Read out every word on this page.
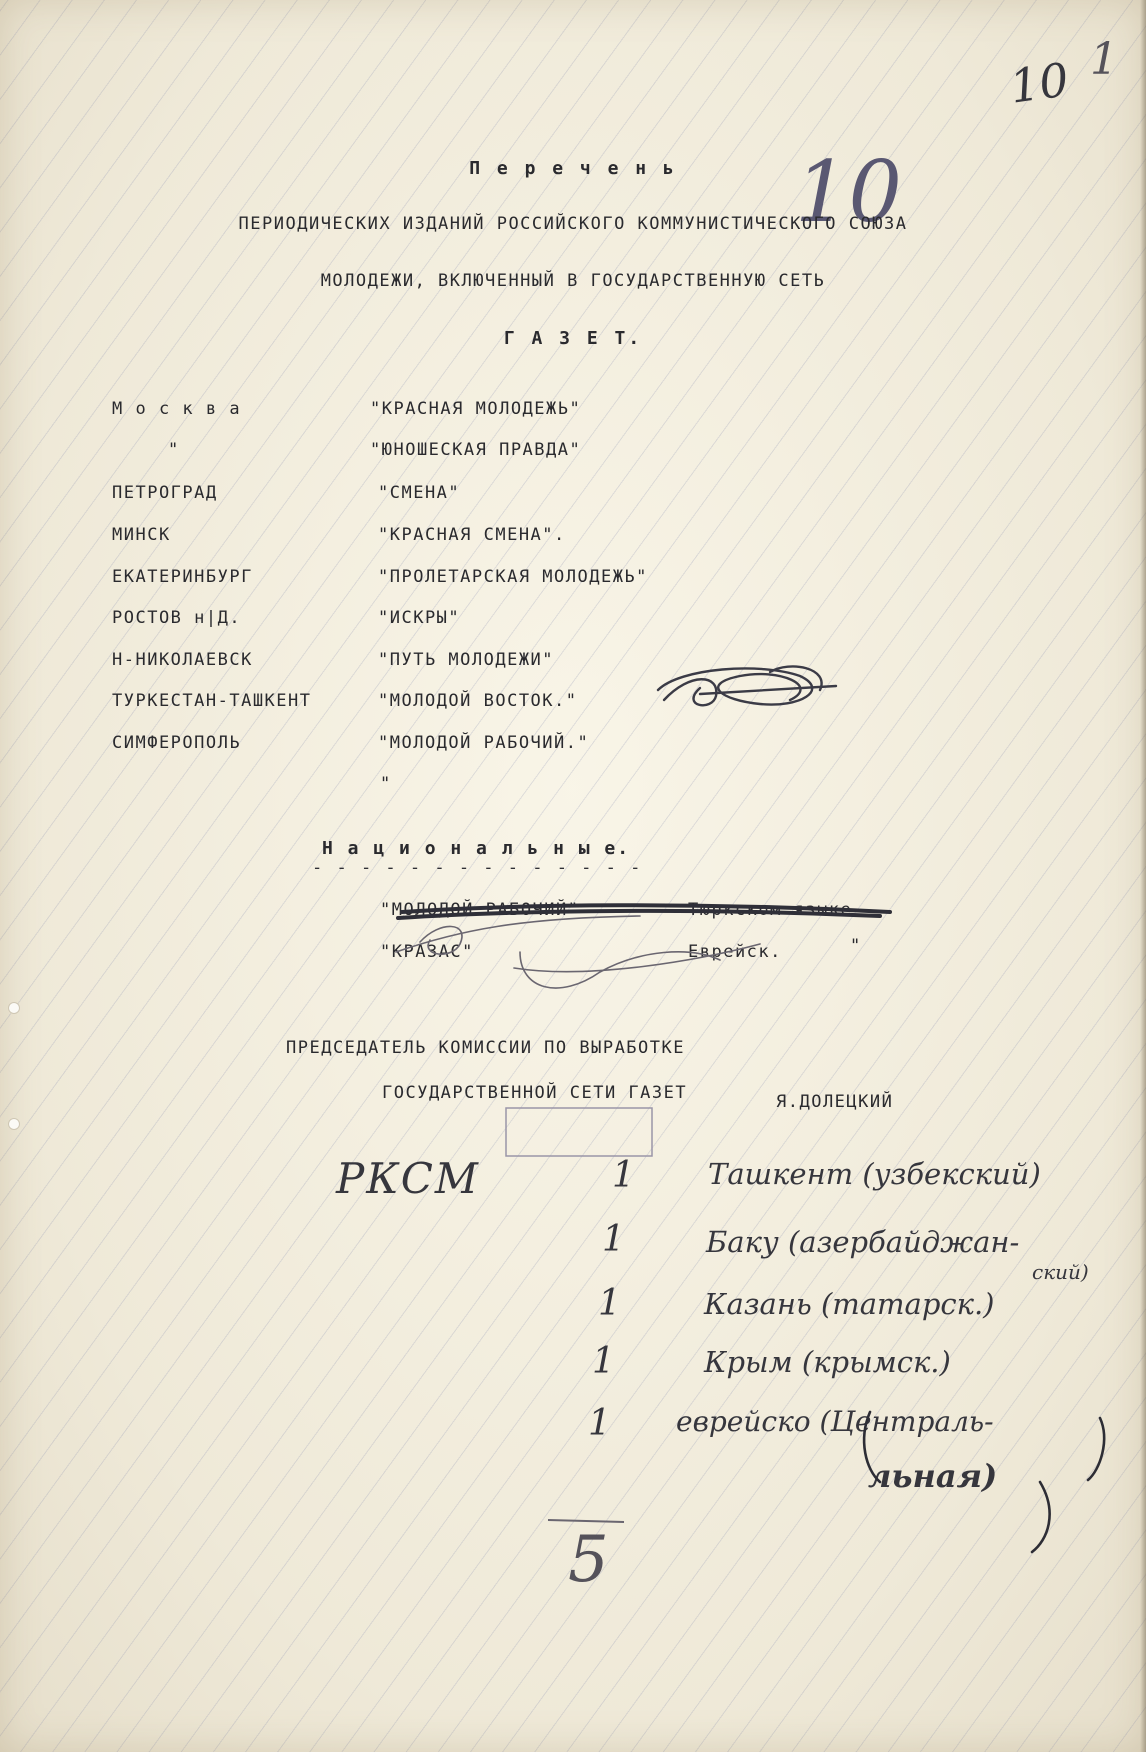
10 1
10
П е р е ч е н ь
ПЕРИОДИЧЕСКИХ ИЗДАНИЙ РОССИЙСКОГО КОММУНИСТИЧЕСКОГО СОЮЗА
МОЛОДЕЖИ, ВКЛЮЧЕННЫЙ В ГОСУДАРСТВЕННУЮ СЕТЬ
Г А З Е Т.
М о с к в а	"КРАСНАЯ МОЛОДЕЖЬ"
"	"ЮНОШЕСКАЯ ПРАВДА"
ПЕТРОГРАД	"СМЕНА"
МИНСК	"КРАСНАЯ СМЕНА".
ЕКАТЕРИНБУРГ	"ПРОЛЕТАРСКАЯ МОЛОДЕЖЬ"
РОСТОВ н|Д.	"ИСКРЫ"
Н-НИКОЛАЕВСК	"ПУТЬ МОЛОДЕЖИ"
ТУРКЕСТАН-ТАШКЕНТ	"МОЛОДОЙ ВОСТОК."
СИМФЕРОПОЛЬ	"МОЛОДОЙ РАБОЧИЙ."
"
Н а ц и о н а л ь н ы е.
- - - - - - - - - - - - - -
"МОЛОДОЙ РАБОЧИЙ"	Тюркском языке
"КРАЗАС"	Еврейск.	"
ПРЕДСЕДАТЕЛЬ КОМИССИИ ПО ВЫРАБОТКЕ
ГОСУДАРСТВЕННОЙ СЕТИ ГАЗЕТ	Я.ДОЛЕЦКИЙ
РКСМ	1	Ташкент (узбекский)
1	Баку (азербайджан-
ский)
1	Казань (татарск.)
1	Крым (крымск.)
1 еврейско (Централь-
льная)
5
